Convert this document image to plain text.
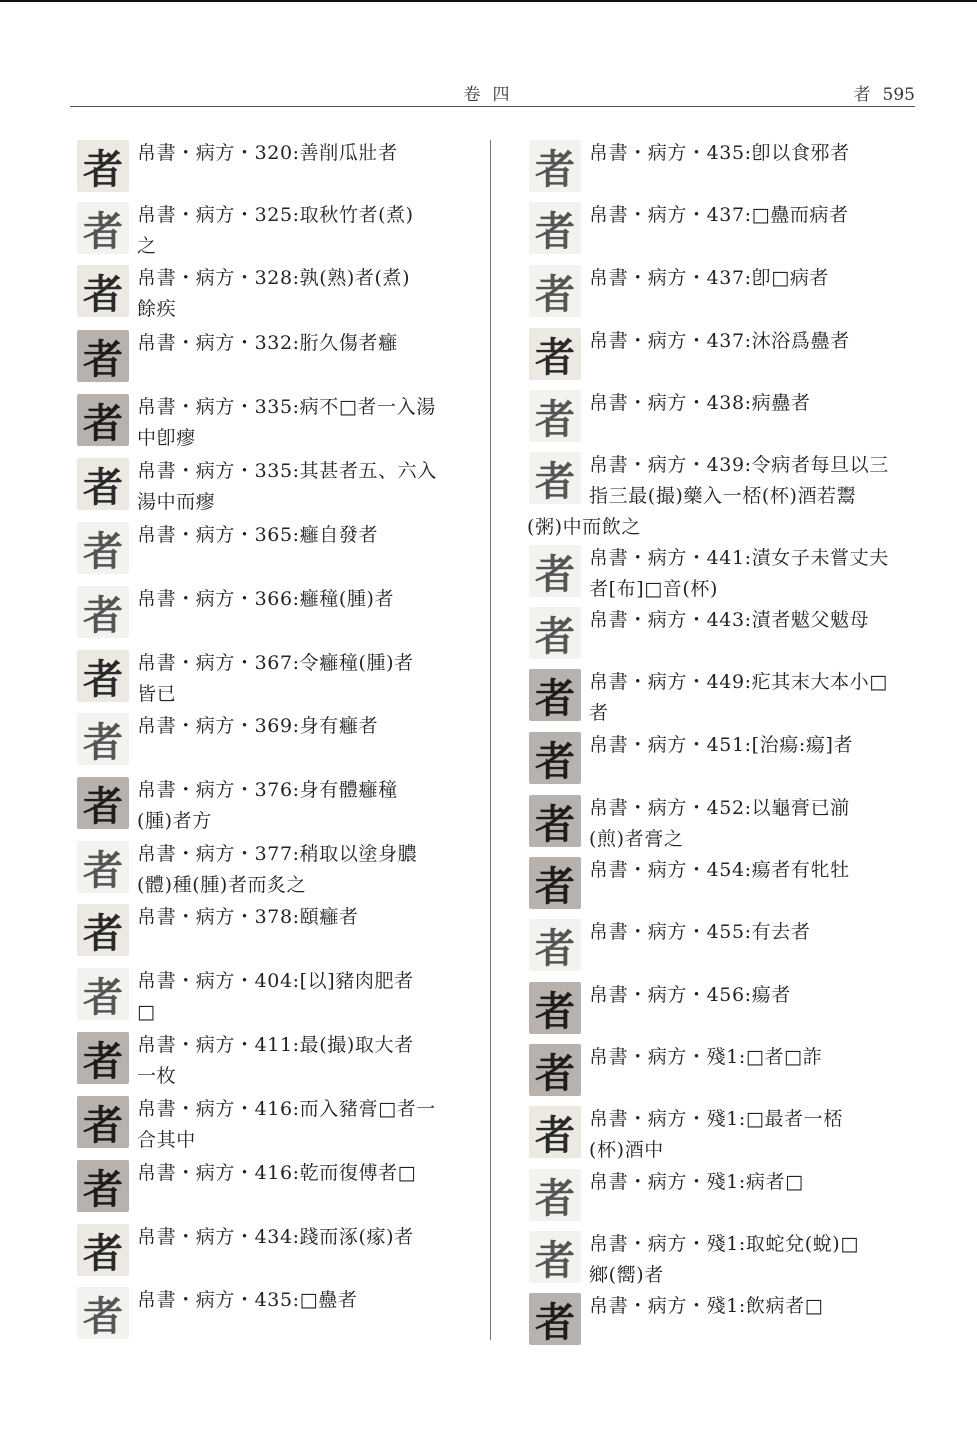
卷四	者 595
者 帛書・病方・320:善削瓜壯者
者 帛書・病方・325:取秋竹者(煮)
之
者 帛書・病方・328:孰(熟)者(煮)
餘疾
者 帛書・病方・332:胻久傷者癰
者 帛書・病方・335:病不□者一入湯
中卽瘳
者 帛書・病方・335:其甚者五、六入
湯中而瘳
者 帛書・病方・365:癰自發者
者 帛書・病方・366:癰穜(腫)者
者 帛書・病方・367:令癰穜(腫)者
皆已
者 帛書・病方・369:身有癰者
者 帛書・病方・376:身有體癰穜
(腫)者方
者 帛書・病方・377:稍取以塗身膿
(體)種(腫)者而炙之
者 帛書・病方・378:頤癰者
者 帛書・病方・404:[以]豬肉肥者
□
者 帛書・病方・411:最(撮)取大者
一枚
者 帛書・病方・416:而入豬膏□者一
合其中
者 帛書・病方・416:乾而復傅者□
者 帛書・病方・434:踐而涿(瘃)者
者 帛書・病方・435:□蠱者
者 帛書・病方・435:卽以食邪者
者 帛書・病方・437:□蠱而病者
者 帛書・病方・437:卽□病者
者 帛書・病方・437:沐浴爲蠱者
者 帛書・病方・438:病蠱者
者 帛書・病方・439:令病者每旦以三
指三最(撮)藥入一桮(杯)酒若鬻
(粥)中而飲之
者 帛書・病方・441:漬女子未嘗丈夫
者[布]□音(杯)
者 帛書・病方・443:漬者魃父魃母
者 帛書・病方・449:疕其末大本小□
者
者 帛書・病方・451:[治瘍:瘍]者
者 帛書・病方・452:以龜膏已湔
(煎)者膏之
者 帛書・病方・454:瘍者有牝牡
者 帛書・病方・455:有去者
者 帛書・病方・456:瘍者
者 帛書・病方・殘1:□者□詐
者 帛書・病方・殘1:□最者一桮
(杯)酒中
者 帛書・病方・殘1:病者□
者 帛書・病方・殘1:取蛇兌(蛻)□
鄉(嚮)者
者 帛書・病方・殘1:飲病者□
